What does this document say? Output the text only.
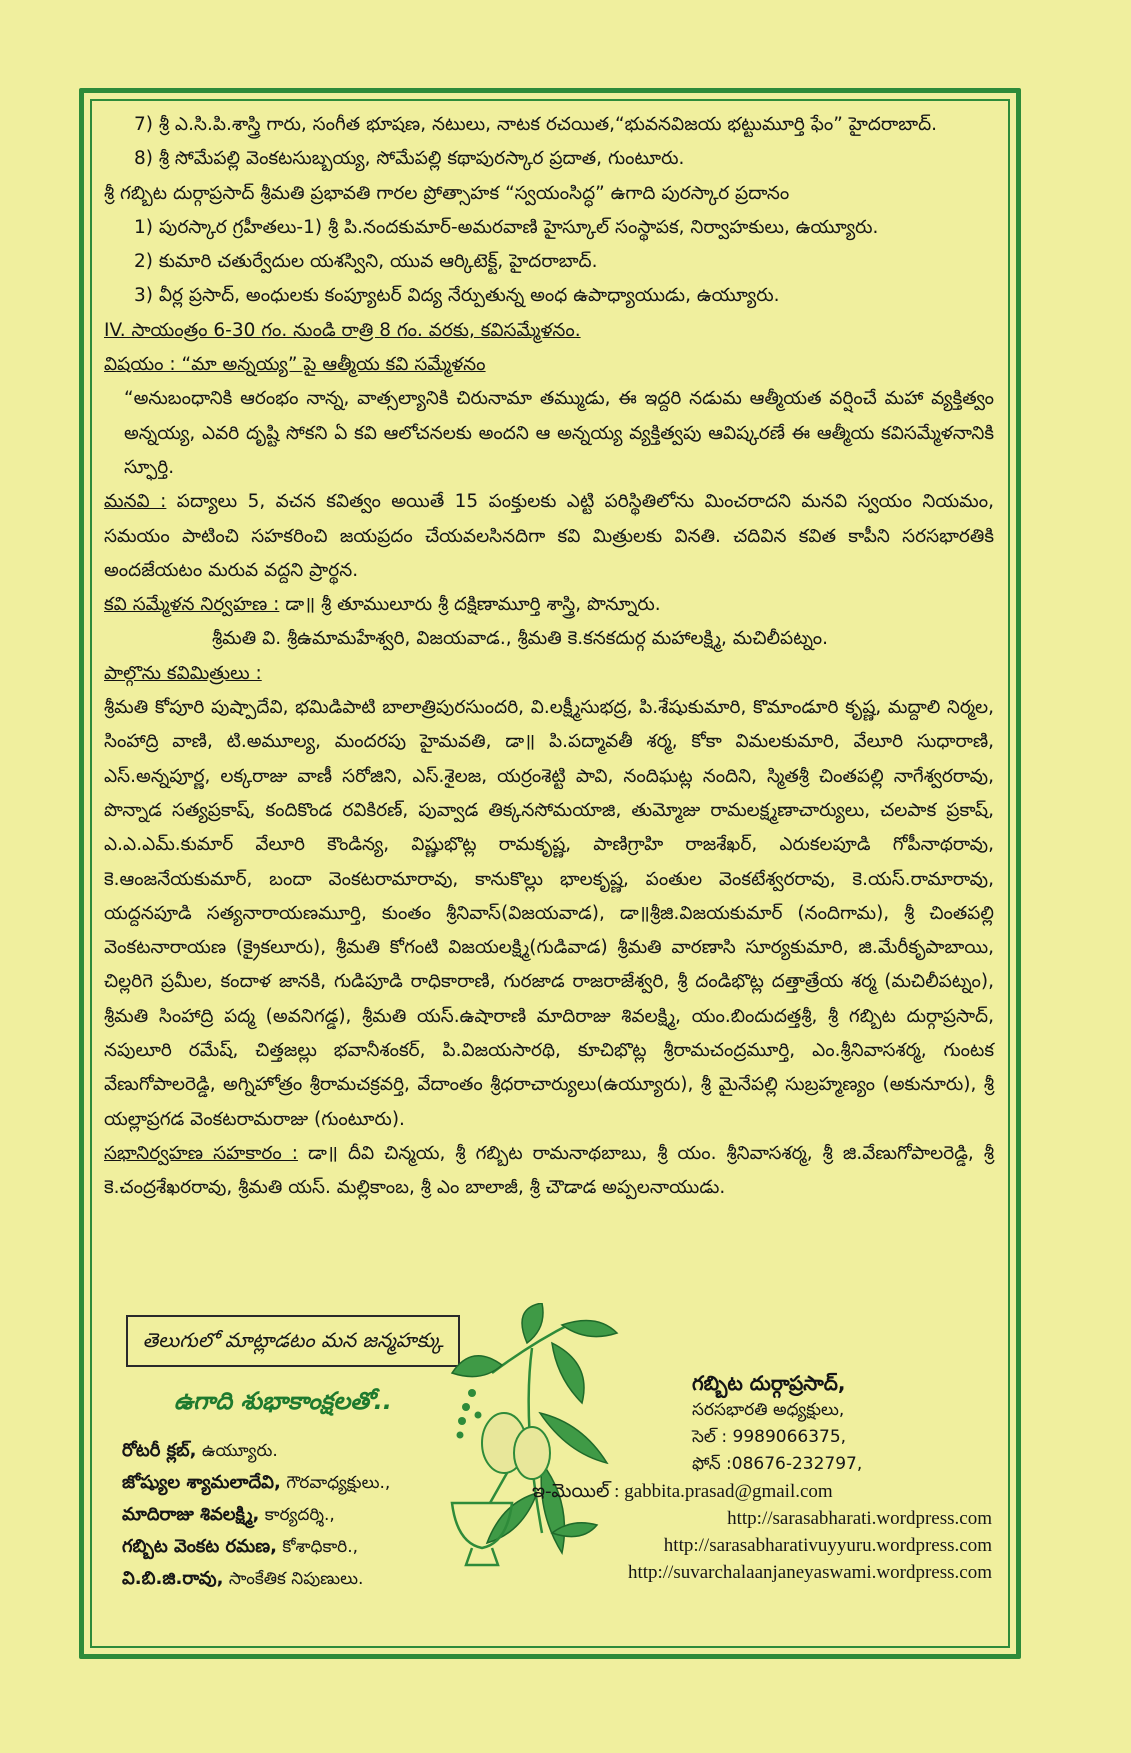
7) శ్రీ ఎ.సి.పి.శాస్త్రి గారు, సంగీత భూషణ, నటులు, నాటక రచయిత,“భువనవిజయ భట్టుమూర్తి ఫేం” హైదరాబాద్.
8) శ్రీ సోమేపల్లి వెంకటసుబ్బయ్య, సోమేపల్లి కథాపురస్కార ప్రదాత, గుంటూరు.
శ్రీ గబ్బిట దుర్గాప్రసాద్ శ్రీమతి ప్రభావతి గారల ప్రోత్సాహక “స్వయంసిద్ధ” ఉగాది పురస్కార ప్రదానం
1) పురస్కార గ్రహీతలు-1) శ్రీ పి.నందకుమార్-అమరవాణి హైస్కూల్ సంస్థాపక, నిర్వాహకులు, ఉయ్యూరు.
2) కుమారి చతుర్వేదుల యశస్విని, యువ ఆర్కిటెక్ట్, హైదరాబాద్.
3) వీర్ల ప్రసాద్, అంధులకు కంప్యూటర్ విద్య నేర్పుతున్న అంధ ఉపాధ్యాయుడు, ఉయ్యూరు.
IV. సాయంత్రం 6-30 గం. నుండి రాత్రి 8 గం. వరకు, కవిసమ్మేళనం.
విషయం : “మా అన్నయ్య” పై ఆత్మీయ కవి సమ్మేళనం
“అనుబంధానికి ఆరంభం నాన్న, వాత్సల్యానికి చిరునామా తమ్ముడు, ఈ ఇద్దరి నడుమ ఆత్మీయత వర్షించే మహా వ్యక్తిత్వం అన్నయ్య, ఎవరి దృష్టి సోకని ఏ కవి ఆలోచనలకు అందని ఆ అన్నయ్య వ్యక్తిత్వపు ఆవిష్కరణే ఈ ఆత్మీయ కవిసమ్మేళనానికి స్ఫూర్తి.
మనవి : పద్యాలు 5, వచన కవిత్వం అయితే 15 పంక్తులకు ఎట్టి పరిస్థితిలోను మించరాదని మనవి స్వయం నియమం, సమయం పాటించి సహకరించి జయప్రదం చేయవలసినదిగా కవి మిత్రులకు వినతి. చదివిన కవిత కాపీని సరసభారతికి అందజేయటం మరువ వద్దని ప్రార్థన.
కవి సమ్మేళన నిర్వహణ : డా॥ శ్రీ తూములూరు శ్రీ దక్షిణామూర్తి శాస్త్రి, పొన్నూరు.
శ్రీమతి వి. శ్రీఉమామహేశ్వరి, విజయవాడ., శ్రీమతి కె.కనకదుర్గ మహాలక్ష్మి, మచిలీపట్నం.
పాల్గొను కవిమిత్రులు :
శ్రీమతి కోపూరి పుష్పాదేవి, భమిడిపాటి బాలాత్రిపురసుందరి, వి.లక్ష్మీసుభద్ర, పి.శేషుకుమారి, కొమాండూరి కృష్ణ, మద్దాలి నిర్మల, సింహాద్రి వాణి, టి.అమూల్య, మందరపు హైమవతి, డా॥ పి.పద్మావతీ శర్మ, కోకా విమలకుమారి, వేలూరి సుధారాణి, ఎస్.అన్నపూర్ణ, లక్కరాజు వాణీ సరోజిని, ఎస్.శైలజ, యర్రంశెట్టి పావి, నందిఘట్ల నందిని, స్మితశ్రీ చింతపల్లి నాగేశ్వరరావు, పొన్నాడ సత్యప్రకాష్, కందికొండ రవికిరణ్, పువ్వాడ తిక్కనసోమయాజి, తుమ్మోజు రామలక్ష్మణాచార్యులు, చలపాక ప్రకాష్, ఎ.ఎ.ఎమ్.కుమార్ వేలూరి కౌండిన్య, విష్ణుభొట్ల రామకృష్ణ, పాణిగ్రాహి రాజశేఖర్, ఎరుకలపూడి గోపీనాథరావు, కె.ఆంజనేయకుమార్, బందా వెంకటరామారావు, కానుకొల్లు భాలకృష్ణ, పంతుల వెంకటేశ్వరరావు, కె.యస్.రామారావు, యద్దనపూడి సత్యనారాయణమూర్తి, కుంతం శ్రీనివాస్(విజయవాడ), డా॥శ్రీజి.విజయకుమార్ (నందిగామ), శ్రీ చింతపల్లి వెంకటనారాయణ (క్రైకలూరు), శ్రీమతి కోగంటి విజయలక్ష్మి(గుడివాడ) శ్రీమతి వారణాసి సూర్యకుమారి, జి.మేరీకృపాబాయి, చిల్లరిగె ప్రమీల, కందాళ జానకి, గుడిపూడి రాధికారాణి, గురజాడ రాజరాజేశ్వరి, శ్రీ దండిభొట్ల దత్తాత్రేయ శర్మ (మచిలీపట్నం), శ్రీమతి సింహాద్రి పద్మ (అవనిగడ్డ), శ్రీమతి యస్.ఉషారాణి మాదిరాజు శివలక్ష్మి, యం.బిందుదత్తశ్రీ, శ్రీ గబ్బిట దుర్గాప్రసాద్, నపులూరి రమేష్, చిత్తజల్లు భవానీశంకర్, పి.విజయసారథి, కూచిభొట్ల శ్రీరామచంద్రమూర్తి, ఎం.శ్రీనివాసశర్మ, గుంటక వేణుగోపాలరెడ్డి, అగ్నిహోత్రం శ్రీరామచక్రవర్తి, వేదాంతం శ్రీధరాచార్యులు(ఉయ్యూరు), శ్రీ మైనేపల్లి సుబ్రహ్మణ్యం (అకునూరు), శ్రీ యల్లాప్రగడ వెంకటరామరాజు (గుంటూరు).
సభానిర్వహణ సహకారం : డా॥ దీవి చిన్మయ, శ్రీ గబ్బిట రామనాథబాబు, శ్రీ యం. శ్రీనివాసశర్మ, శ్రీ జి.వేణుగోపాలరెడ్డి, శ్రీ కె.చంద్రశేఖరరావు, శ్రీమతి యస్. మల్లికాంబ, శ్రీ ఎం బాలాజీ, శ్రీ చౌడాడ అప్పలనాయుడు.
తెలుగులో మాట్లాడటం మన జన్మహక్కు
ఉగాది శుభాకాంక్షలతో..
రోటరీ క్లబ్, ఉయ్యూరు.
జోష్యుల శ్యామలాదేవి, గౌరవాధ్యక్షులు.,
మాదిరాజు శివలక్ష్మి, కార్యదర్శి.,
గబ్బిట వెంకట రమణ, కోశాధికారి.,
వి.బి.జి.రావు, సాంకేతిక నిపుణులు.
గబ్బిట దుర్గాప్రసాద్,
సరసభారతి అధ్యక్షులు,
సెల్ : 9989066375,
ఫోన్ :08676-232797,
ఇ-మెయిల్ : gabbita.prasad@gmail.com
http://sarasabharati.wordpress.com
http://sarasabharativuyyuru.wordpress.com
http://suvarchalaanjaneyaswami.wordpress.com
